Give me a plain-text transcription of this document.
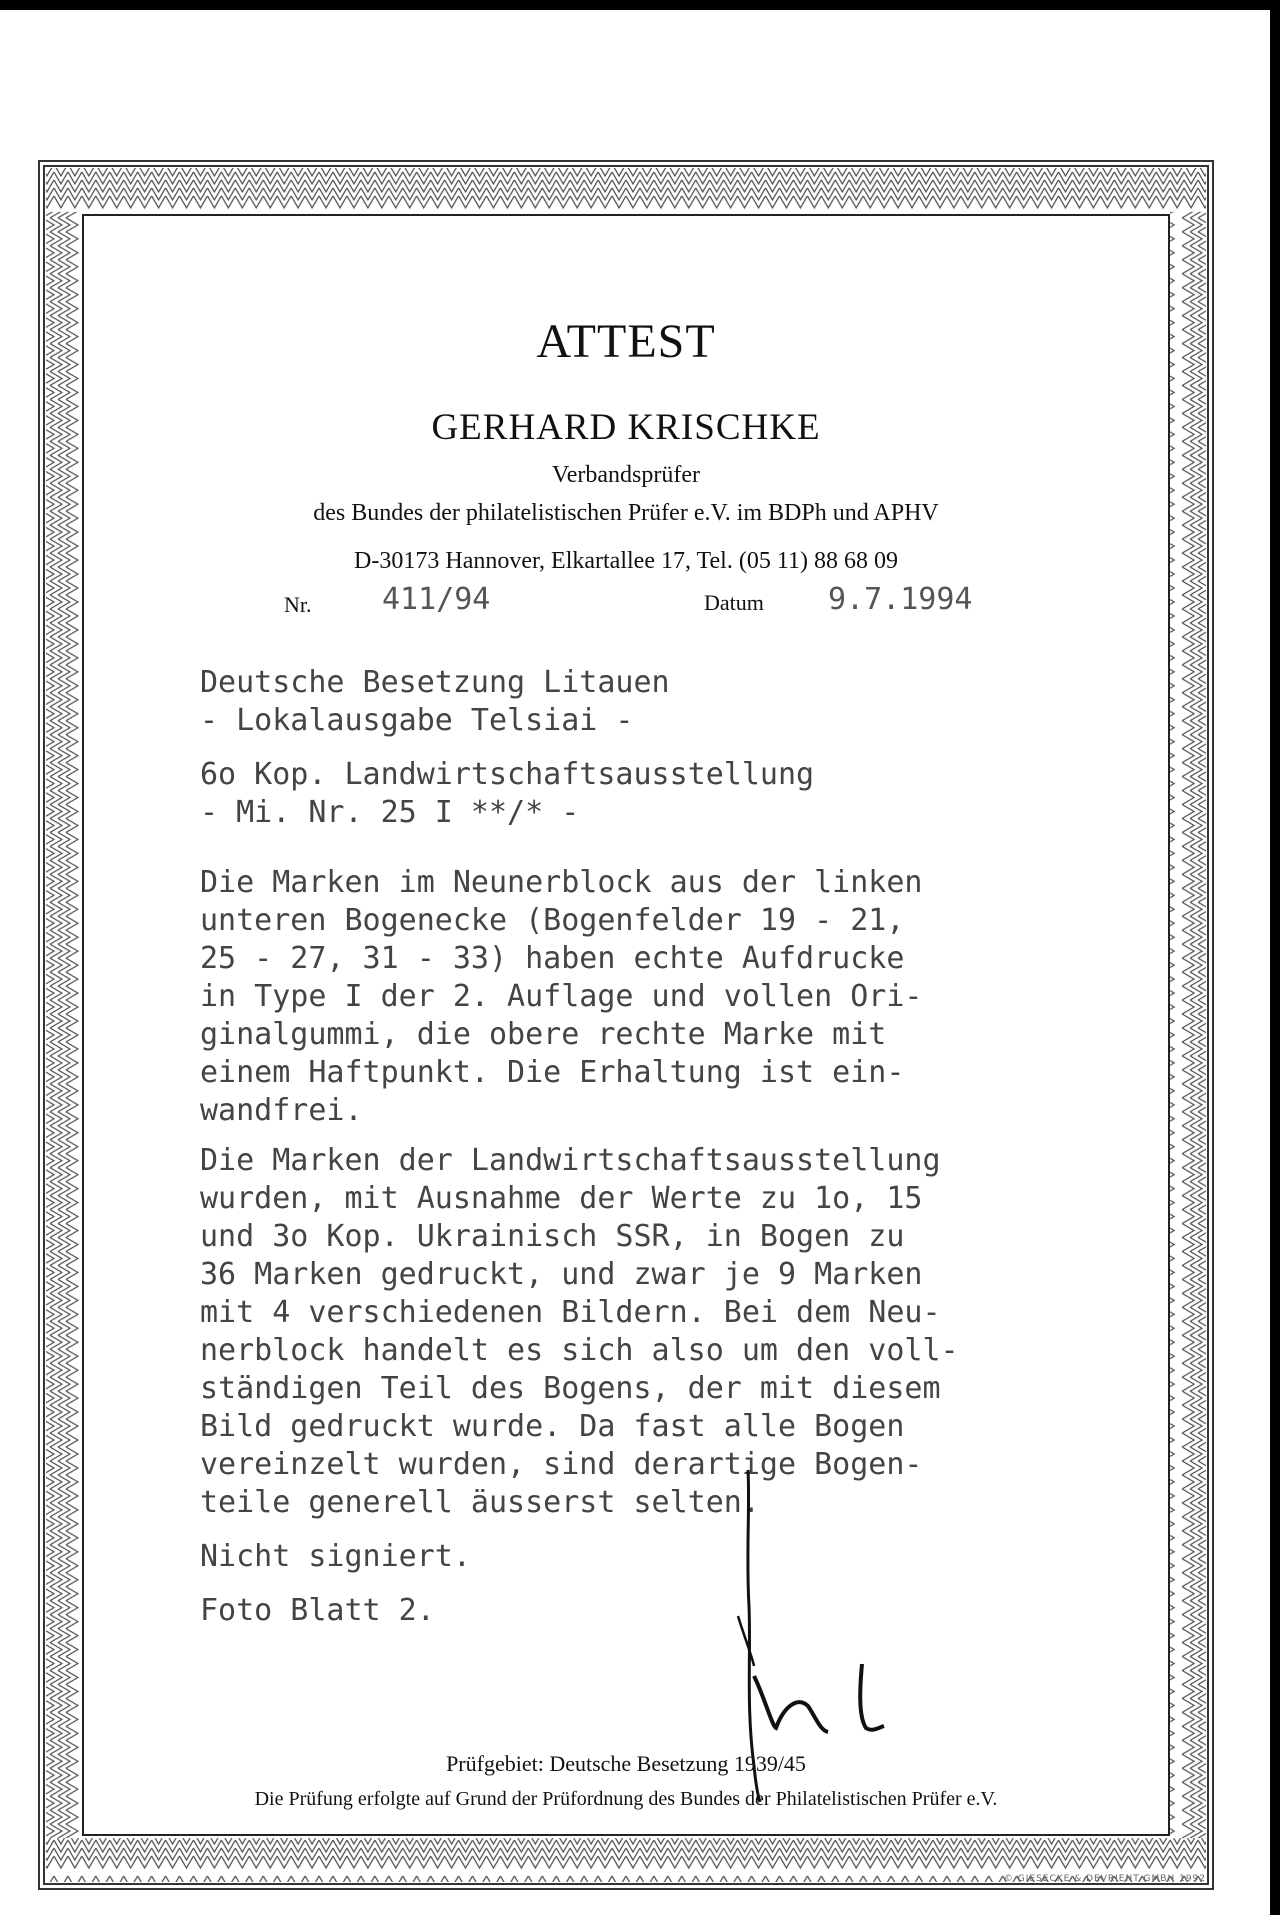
ATTEST
GERHARD KRISCHKE
Verbandsprüfer
des Bundes der philatelistischen Prüfer e.V. im BDPh und APHV
D-30173 Hannover, Elkartallee 17, Tel. (05 11) 88 68 09
Nr. 411/94	Datum 9.7.1994
Deutsche Besetzung Litauen
- Lokalausgabe Telsiai -
6o Kop. Landwirtschaftsausstellung
- Mi. Nr. 25 I **/* -
Die Marken im Neunerblock aus der linken
unteren Bogenecke (Bogenfelder 19 - 21,
25 - 27, 31 - 33) haben echte Aufdrucke
in Type I der 2. Auflage und vollen Ori-
ginalgummi, die obere rechte Marke mit
einem Haftpunkt. Die Erhaltung ist ein-
wandfrei.
Die Marken der Landwirtschaftsausstellung
wurden, mit Ausnahme der Werte zu 1o, 15
und 3o Kop. Ukrainisch SSR, in Bogen zu
36 Marken gedruckt, und zwar je 9 Marken
mit 4 verschiedenen Bildern. Bei dem Neu-
nerblock handelt es sich also um den voll-
ständigen Teil des Bogens, der mit diesem
Bild gedruckt wurde. Da fast alle Bogen
vereinzelt wurden, sind derartige Bogen-
teile generell äusserst selten.
Nicht signiert.
Foto Blatt 2.
Prüfgebiet: Deutsche Besetzung 1939/45
Die Prüfung erfolgte auf Grund der Prüfordnung des Bundes der Philatelistischen Prüfer e.V.
© GIESECKE & DEVRIENT GMBH 1992
